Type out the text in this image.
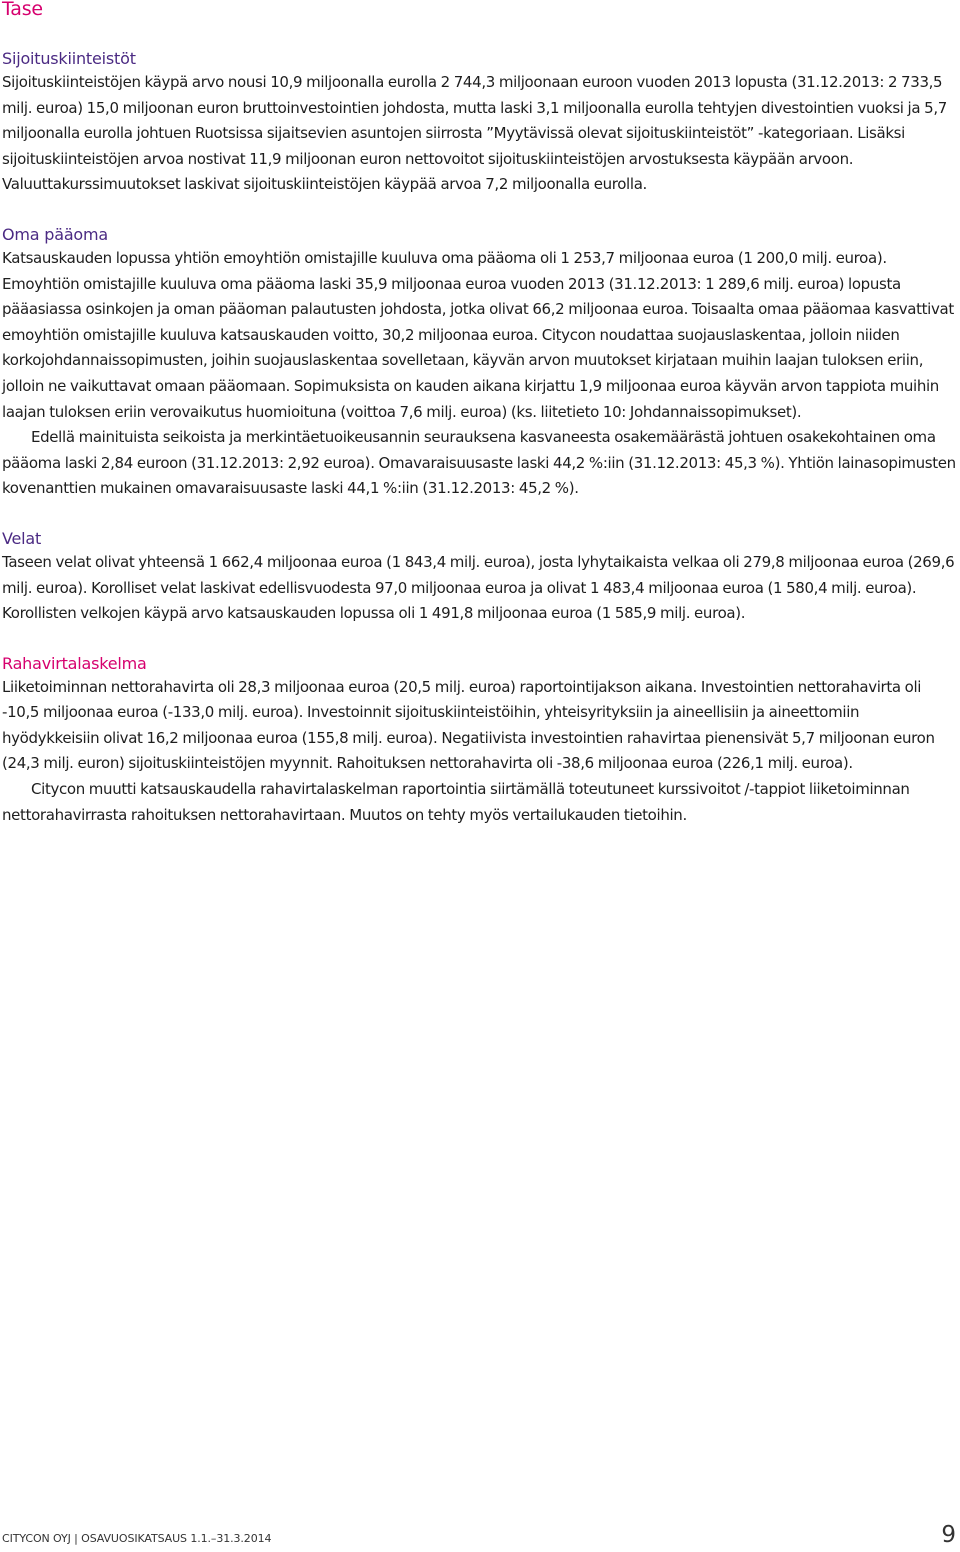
Tase
Sijoituskiinteistöt

Sijoituskiinteistöjen käypä arvo nousi 10,9 miljoonalla eurolla 2 744,3 miljoonaan euroon vuoden 2013 lopusta (31.12.2013: 2 733,5 milj. euroa) 15,0 miljoonan euron bruttoinvestointien johdosta, mutta laski 3,1 miljoonalla eurolla tehtyjen divestointien vuoksi ja 5,7 miljoonalla eurolla johtuen Ruotsissa sijaitsevien asuntojen siirrosta ”Myytävissä olevat sijoituskiinteistöt” -kategoriaan. Lisäksi sijoituskiinteistöjen arvoa nostivat 11,9 miljoonan euron nettovoitot sijoituskiinteistöjen arvostuksesta käypään arvoon. Valuuttakurssimuutokset laskivat sijoituskiinteistöjen käypää arvoa 7,2 miljoonalla eurolla.

Oma pääoma

Katsauskauden lopussa yhtiön emoyhtiön omistajille kuuluva oma pääoma oli 1 253,7 miljoonaa euroa (1 200,0 milj. euroa). Emoyhtiön omistajille kuuluva oma pääoma laski 35,9 miljoonaa euroa vuoden 2013 (31.12.2013: 1 289,6 milj. euroa) lopusta pääasiassa osinkojen ja oman pääoman palautusten johdosta, jotka olivat 66,2 miljoonaa euroa. Toisaalta omaa pääomaa kasvattivat emoyhtiön omistajille kuuluva katsauskauden voitto, 30,2 miljoonaa euroa. Citycon noudattaa suojauslaskentaa, jolloin niiden korkojohdannaissopimusten, joihin suojauslaskentaa sovelletaan, käyvän arvon muutokset kirjataan muihin laajan tuloksen eriin, jolloin ne vaikuttavat omaan pääomaan. Sopimuksista on kauden aikana kirjattu 1,9 miljoonaa euroa käyvän arvon tappiota muihin laajan tuloksen eriin verovaikutus huomioituna (voittoa 7,6 milj. euroa) (ks. liitetieto 10: Johdannaissopimukset).

Edellä mainituista seikoista ja merkintäetuoikeusannin seurauksena kasvaneesta osakemäärästä johtuen osakekohtainen oma pääoma laski 2,84 euroon (31.12.2013: 2,92 euroa). Omavaraisuusaste laski 44,2 %:iin (31.12.2013: 45,3 %). Yhtiön lainasopimusten kovenanttien mukainen omavaraisuusaste laski 44,1 %:iin (31.12.2013: 45,2 %).

Velat

Taseen velat olivat yhteensä 1 662,4 miljoonaa euroa (1 843,4 milj. euroa), josta lyhytaikaista velkaa oli 279,8 miljoonaa euroa (269,6 milj. euroa). Korolliset velat laskivat edellisvuodesta 97,0 miljoonaa euroa ja olivat 1 483,4 miljoonaa euroa (1 580,4 milj. euroa). Korollisten velkojen käypä arvo katsauskauden lopussa oli 1 491,8 miljoonaa euroa (1 585,9 milj. euroa).

Rahavirtalaskelma

Liiketoiminnan nettorahavirta oli 28,3 miljoonaa euroa (20,5 milj. euroa) raportointijakson aikana. Investointien nettorahavirta oli -10,5 miljoonaa euroa (-133,0 milj. euroa). Investoinnit sijoituskiinteistöihin, yhteisyrityksiin ja aineellisiin ja aineettomiin hyödykkeisiin olivat 16,2 miljoonaa euroa (155,8 milj. euroa). Negatiivista investointien rahavirtaa pienensivät 5,7 miljoonan euron (24,3 milj. euron) sijoituskiinteistöjen myynnit. Rahoituksen nettorahavirta oli -38,6 miljoonaa euroa (226,1 milj. euroa).

Citycon muutti katsauskaudella rahavirtalaskelman raportointia siirtämällä toteutuneet kurssivoitot /-tappiot liiketoiminnan nettorahavirrasta rahoituksen nettorahavirtaan. Muutos on tehty myös vertailukauden tietoihin.

CITYCON OYJ | OSAVUOSIKATSAUS 1.1.–31.3.2014	9
